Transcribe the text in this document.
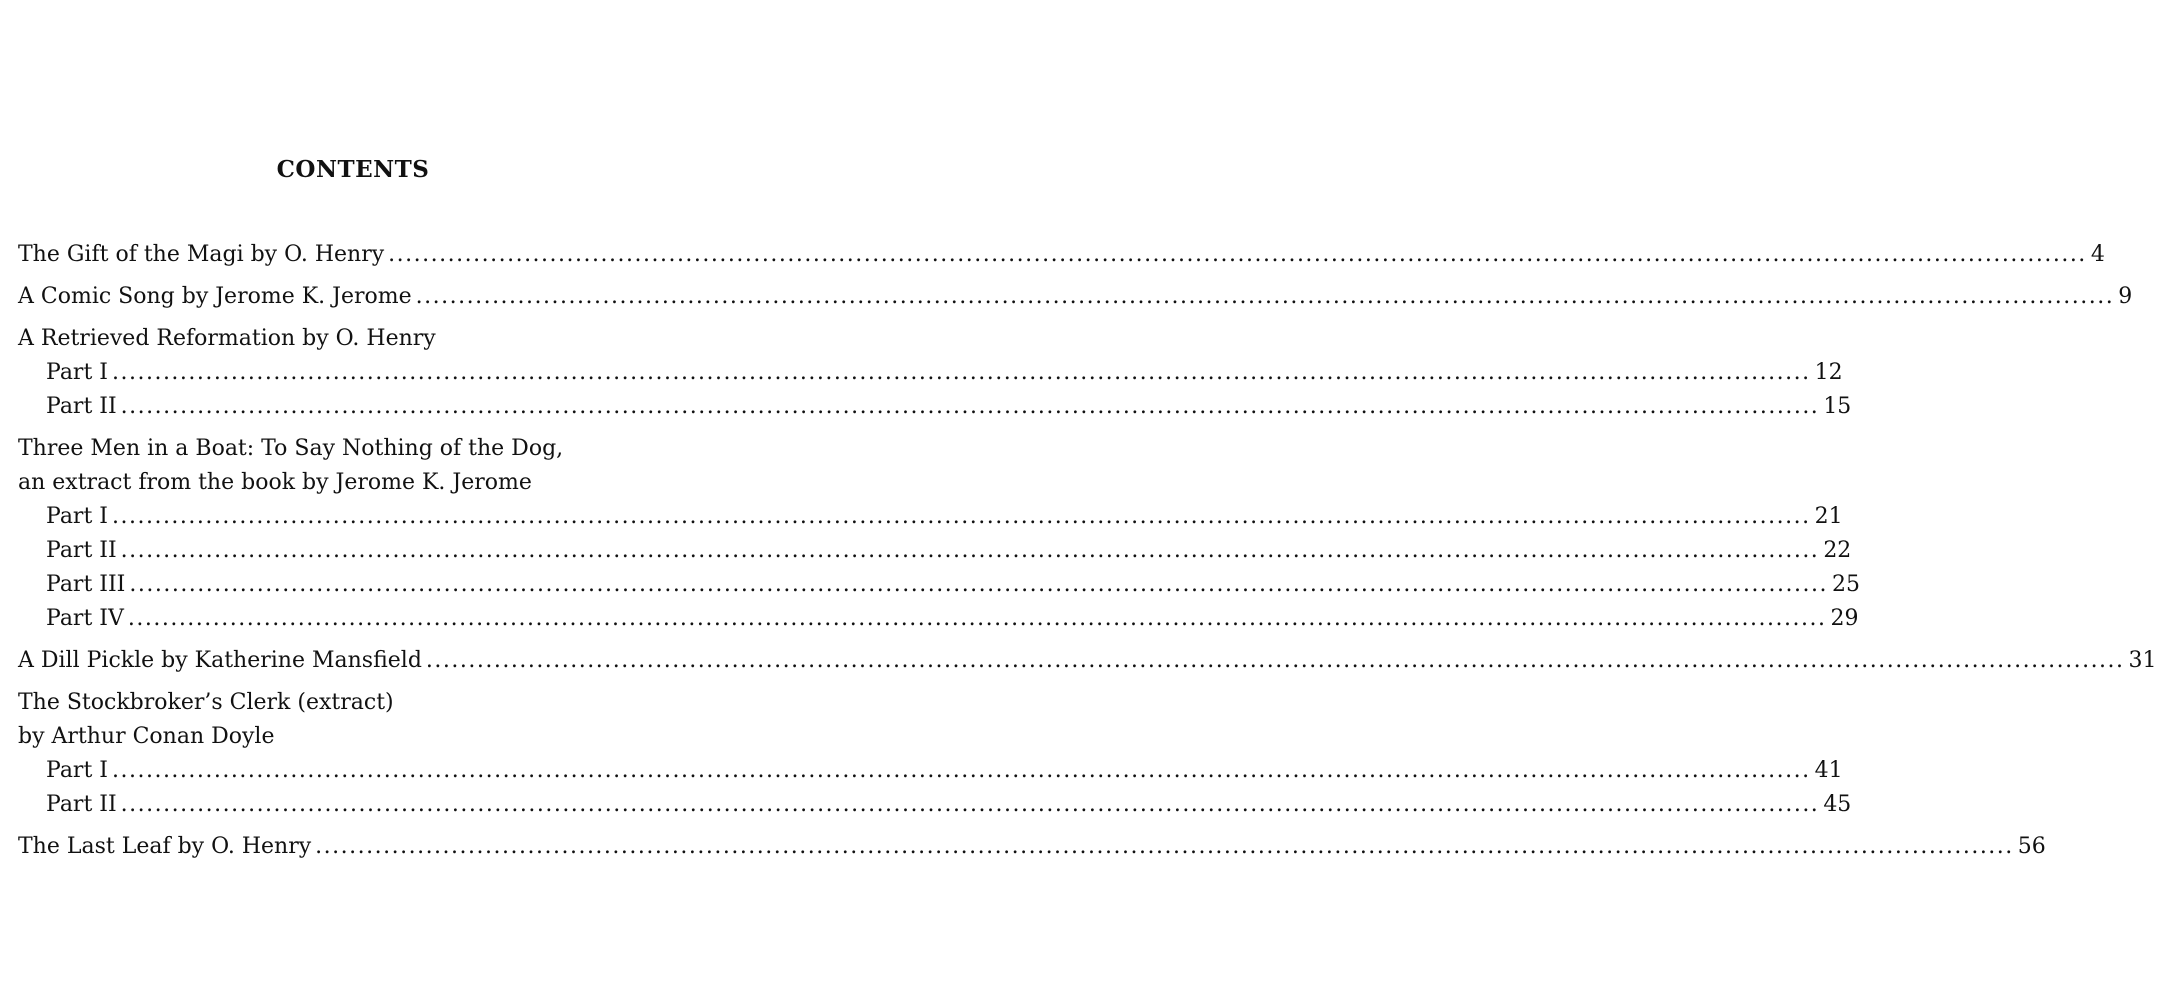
CONTENTS
The Gift of the Magi by O. Henry ........................................................................................................................................................................................................ 4
A Comic Song by Jerome K. Jerome ........................................................................................................................................................................................................ 9
A Retrieved Reformation by O. Henry
Part I ........................................................................................................................................................................................................ 12
Part II ........................................................................................................................................................................................................ 15
Three Men in a Boat: To Say Nothing of the Dog,
an extract from the book by Jerome K. Jerome
Part I ........................................................................................................................................................................................................ 21
Part II ........................................................................................................................................................................................................ 22
Part III ........................................................................................................................................................................................................ 25
Part IV ........................................................................................................................................................................................................ 29
A Dill Pickle by Katherine Mansfield ........................................................................................................................................................................................................ 31
The Stockbroker’s Clerk (extract)
by Arthur Conan Doyle
Part I ........................................................................................................................................................................................................ 41
Part II ........................................................................................................................................................................................................ 45
The Last Leaf by O. Henry ........................................................................................................................................................................................................ 56
